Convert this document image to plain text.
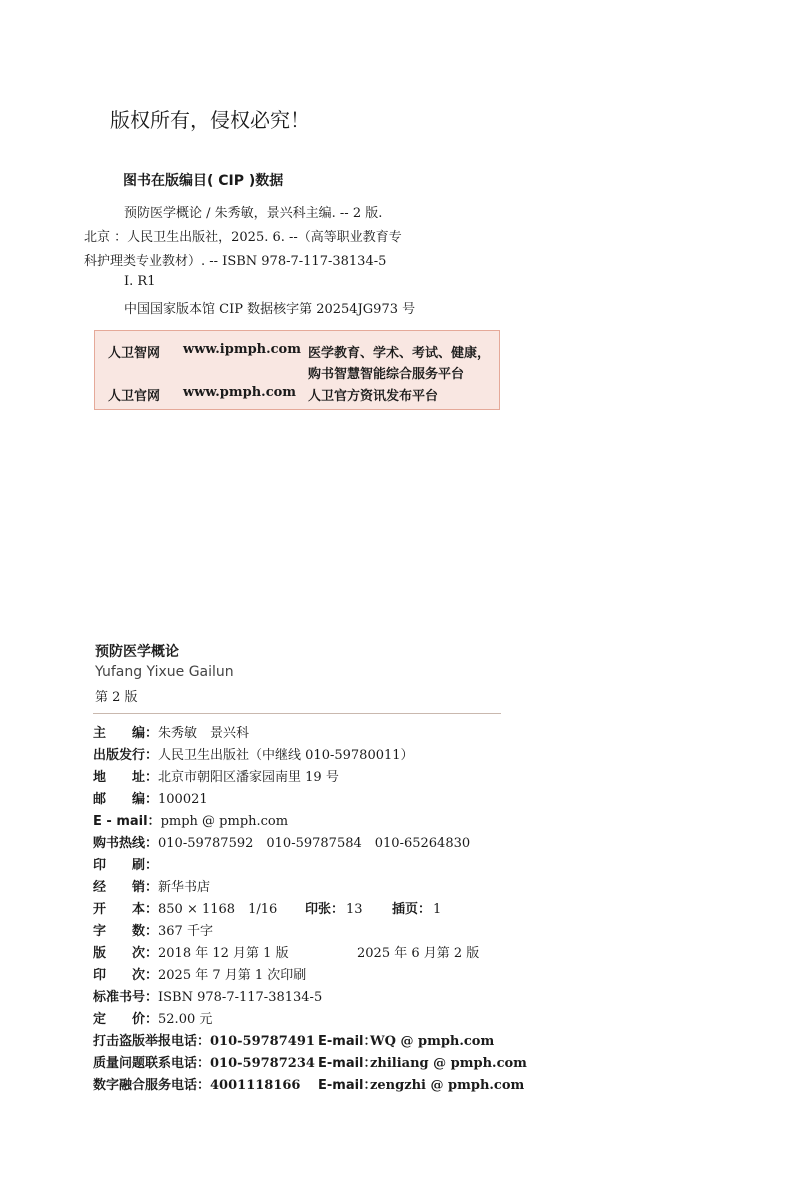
版权所有，侵权必究！
图书在版编目( CIP )数据
预防医学概论 / 朱秀敏，景兴科主编. -- 2 版.
北京 ：人民卫生出版社，2025. 6. --（高等职业教育专
科护理类专业教材）. -- ISBN 978-7-117-38134-5
Ⅰ. R1
中国国家版本馆 CIP 数据核字第 20254JG973 号
人卫智网 www.ipmph.com 医学教育、学术、考试、健康，
购书智慧智能综合服务平台
人卫官网 www.pmph.com 人卫官方资讯发布平台
预防医学概论
Yufang Yixue Gailun
第 2 版
主　　编：朱秀敏　景兴科
出版发行：人民卫生出版社（中继线 010-59780011）
地　　址：北京市朝阳区潘家园南里 19 号
邮　　编：100021
E - mail：pmph @ pmph.com
购书热线：010-59787592　010-59787584　010-65264830
印　　刷：
经　　销：新华书店
开　　本：850 × 1168　1/16 印张： 13 插页： 1
字　　数：367 千字
版　　次：2018 年 12 月第 1 版	2025 年 6 月第 2 版
印　　次：2025 年 7 月第 1 次印刷
标准书号：ISBN 978-7-117-38134-5
定　　价：52.00 元
打击盗版举报电话：010-59787491 E-mail：
WQ @ pmph.com
质量问题联系电话：010-59787234 E-mail：
zhiliang @ pmph.com
数字融合服务电话：4001118166 E-mail：
zengzhi @ pmph.com
